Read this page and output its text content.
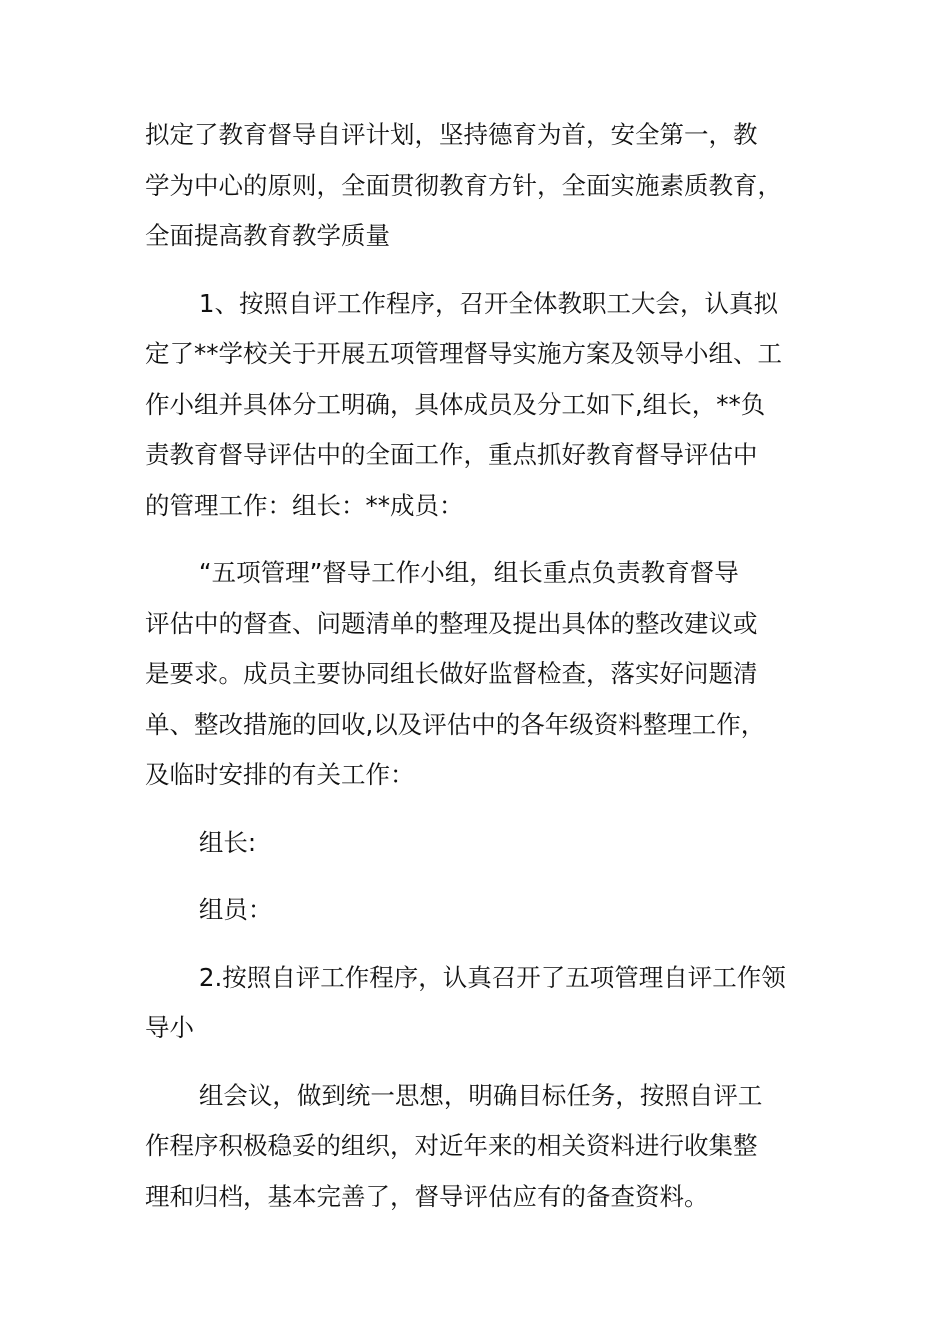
拟定了教育督导自评计划，坚持德育为首，安全第一，教
学为中心的原则，全面贯彻教育方针，全面实施素质教育，
全面提高教育教学质量

1、按照自评工作程序，召开全体教职工大会，认真拟
定了**学校关于开展五项管理督导实施方案及领导小组、工
作小组并具体分工明确，具体成员及分工如下,组长，**负
责教育督导评估中的全面工作，重点抓好教育督导评估中
的管理工作：组长：**成员：

“五项管理”督导工作小组，组长重点负责教育督导
评估中的督查、问题清单的整理及提出具体的整改建议或
是要求。成员主要协同组长做好监督检查，落实好问题清
单、整改措施的回收,以及评估中的各年级资料整理工作，
及临时安排的有关工作：

组长:

组员：

2.按照自评工作程序，认真召开了五项管理自评工作领
导小

组会议，做到统一思想，明确目标任务，按照自评工
作程序积极稳妥的组织，对近年来的相关资料进行收集整
理和归档，基本完善了，督导评估应有的备查资料。
